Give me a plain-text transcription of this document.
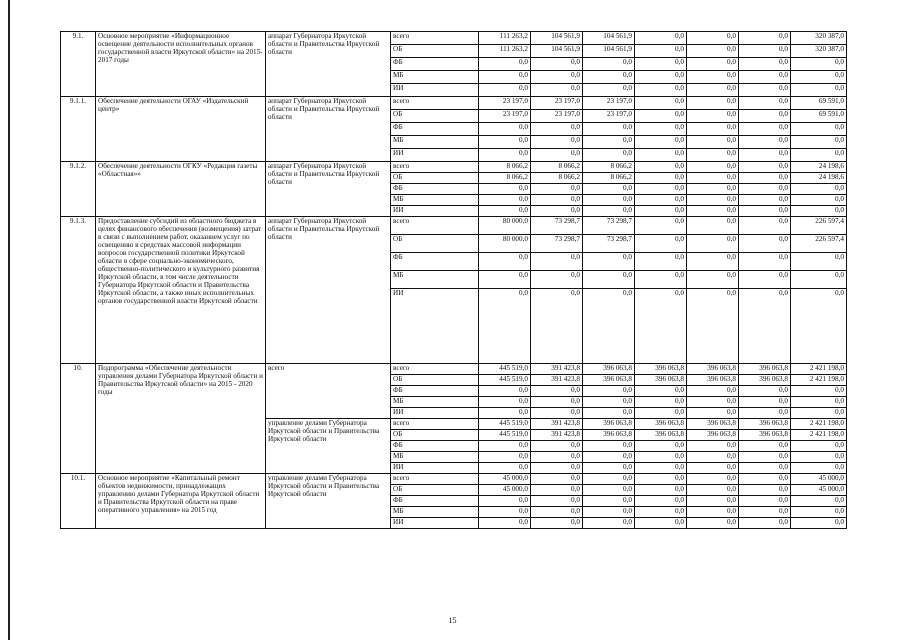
9.1.	Основное мероприятие «Информационное освещение деятельности исполнительных органов государственной власти Иркутской области» на 2015-2017 годы	аппарат Губернатора Иркутской области и Правительства Иркутской области	всего	111 263,2	104 561,9	104 561,9	0,0	0,0	0,0	320 387,0
			ОБ	111 263,2	104 561,9	104 561,9	0,0	0,0	0,0	320 387,0
			ФБ	0,0	0,0	0,0	0,0	0,0	0,0	0,0
			МБ	0,0	0,0	0,0	0,0	0,0	0,0	0,0
			ИИ	0,0	0,0	0,0	0,0	0,0	0,0	0,0
9.1.1.	Обеспечение деятельности ОГАУ «Издательский центр»	аппарат Губернатора Иркутской области и Правительства Иркутской области	всего	23 197,0	23 197,0	23 197,0	0,0	0,0	0,0	69 591,0
			ОБ	23 197,0	23 197,0	23 197,0	0,0	0,0	0,0	69 591,0
			ФБ	0,0	0,0	0,0	0,0	0,0	0,0	0,0
			МБ	0,0	0,0	0,0	0,0	0,0	0,0	0,0
			ИИ	0,0	0,0	0,0	0,0	0,0	0,0	0,0
9.1.2.	Обеспечение деятельности ОГКУ «Редакция газеты «Областная»»	аппарат Губернатора Иркутской области и Правительства Иркутской области	всего	8 066,2	8 066,2	8 066,2	0,0	0,0	0,0	24 198,6
			ОБ	8 066,2	8 066,2	8 066,2	0,0	0,0	0,0	24 198,6
			ФБ	0,0	0,0	0,0	0,0	0,0	0,0	0,0
			МБ	0,0	0,0	0,0	0,0	0,0	0,0	0,0
			ИИ	0,0	0,0	0,0	0,0	0,0	0,0	0,0
9.1.3.	Предоставление субсидий из областного бюджета в целях финансового обеспечения (возмещения) затрат в связи с выполнением работ, оказанием услуг по освещению в средствах массовой информации вопросов государственной политики Иркутской области в сфере социально-экономического, общественно-политического и культурного развития Иркутской области, в том числе деятельности Губернатора Иркутской области и Правительства Иркутской области, а также иных исполнительных органов государственной власти Иркутской области	аппарат Губернатора Иркутской области и Правительства Иркутской области	всего	80 000,0	73 298,7	73 298,7	0,0	0,0	0,0	226 597,4
			ОБ	80 000,0	73 298,7	73 298,7	0,0	0,0	0,0	226 597,4
			ФБ	0,0	0,0	0,0	0,0	0,0	0,0	0,0
			МБ	0,0	0,0	0,0	0,0	0,0	0,0	0,0
			ИИ	0,0	0,0	0,0	0,0	0,0	0,0	0,0
10.	Подпрограмма «Обеспечение деятельности управления делами Губернатора Иркутской области и Правительства Иркутской области» на 2015 - 2020 годы	всего	всего	445 519,0	391 423,8	396 063,8	396 063,8	396 063,8	396 063,8	2 421 198,0
			ОБ	445 519,0	391 423,8	396 063,8	396 063,8	396 063,8	396 063,8	2 421 198,0
			ФБ	0,0	0,0	0,0	0,0	0,0	0,0	0,0
			МБ	0,0	0,0	0,0	0,0	0,0	0,0	0,0
			ИИ	0,0	0,0	0,0	0,0	0,0	0,0	0,0
		управление делами Губернатора Иркутской области и Правительства Иркутской области	всего	445 519,0	391 423,8	396 063,8	396 063,8	396 063,8	396 063,8	2 421 198,0
			ОБ	445 519,0	391 423,8	396 063,8	396 063,8	396 063,8	396 063,8	2 421 198,0
			ФБ	0,0	0,0	0,0	0,0	0,0	0,0	0,0
			МБ	0,0	0,0	0,0	0,0	0,0	0,0	0,0
			ИИ	0,0	0,0	0,0	0,0	0,0	0,0	0,0
10.1.	Основное мероприятие «Капитальный ремонт объектов недвижимости, принадлежащих управлению делами Губернатора Иркутской области и Правительства Иркутской области на праве оперативного управления» на 2015 год	управление делами Губернатора Иркутской области и Правительства Иркутской области	всего	45 000,0	0,0	0,0	0,0	0,0	0,0	45 000,0
			ОБ	45 000,0	0,0	0,0	0,0	0,0	0,0	45 000,0
			ФБ	0,0	0,0	0,0	0,0	0,0	0,0	0,0
			МБ	0,0	0,0	0,0	0,0	0,0	0,0	0,0
			ИИ	0,0	0,0	0,0	0,0	0,0	0,0	0,0
15
